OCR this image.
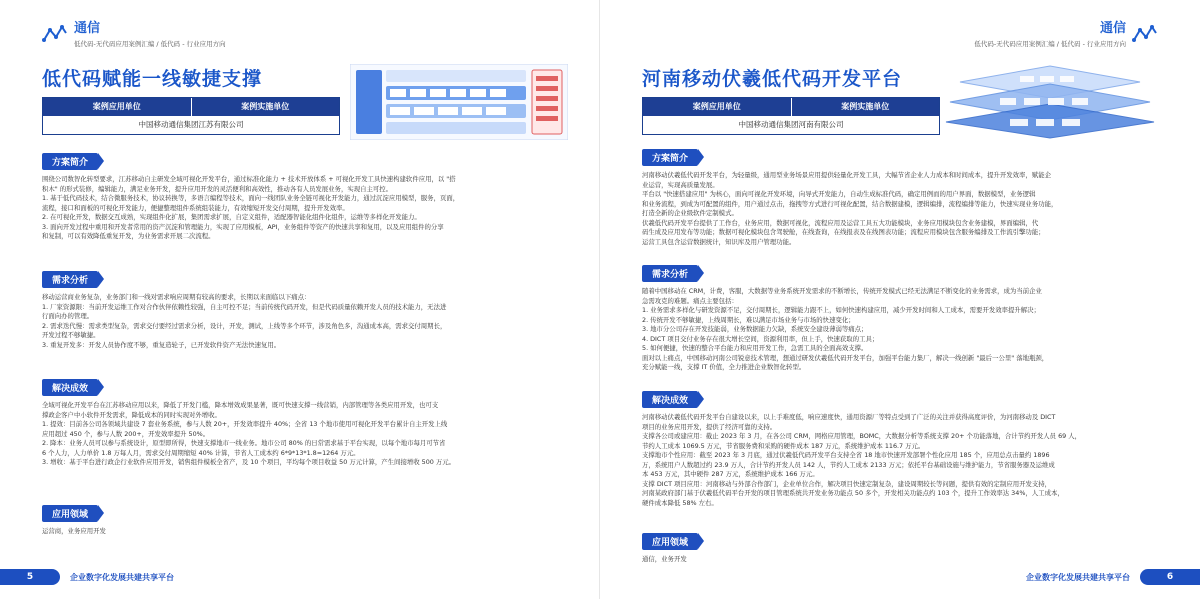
通信
低代码-无代码应用案例汇编 / 低代码 - 行业应用方向
低代码赋能一线敏捷支撑
案例应用单位	案例实施单位
中国移动通信集团江苏有限公司
方案简介
围绕公司数智化转型要求，江苏移动自主研发全域可视化开发平台，通过标准化能力 + 技术开放体系 + 可视化开发工具快速构建软件应用，以 "搭
积木" 的形式装修，编辑能力，满足业务开发，提升应用开发的灵活便利和高效性，推动各有人员发展业务，实现自主可控。
1. 基于低代码技术，结合微服务技术，协议转换等，多语言编程等技术，面向一线团队业务全链可视化开发能力，通过沉淀应用模型，服务，页面，
流程，接口和面板的可视化开发能力，便捷整理组件系统组装能力，有效缩短开发交付周期，提升开发效率。
2. 在可视化开发，数据交互成熟，实现组件化扩展，集团需求扩展，自定义组件，适配器智能化组件化组件，运维等多样化开发能力。
3. 面向开发过程中重用和开发者常用的资产沉淀和管理能力，实现了应用模板，API，业务组件等资产的快速共享和复用，以及应用组件的分享
和复制，可以有效降低重复开发，为业务需求开展二次流程。
需求分析
移动运营商业务复杂，业务部门和一线对需求响应周期有较高的要求，长期以来面临以下痛点：
1. 厂家资源限：当前开发运维工作对合作伙伴依赖性较强，自主可控不足；当前传统代码开发，但是代码质量依赖开发人员的技术能力，无法进
行面向办的管理。
2. 需求迭代慢：需求类型复杂，需求交付要经过需求分析，设计，开发，测试，上线等多个环节，涉及角色多，沟通成本高，需求交付周期长，
开发过程不够敏捷。
3. 重复开发多：开发人员协作度不够，重复造轮子，已开发软件资产无法快速复用。
解决成效
全域可视化开发平台在江苏移动应用以来，降低了开发门槛，降本增效成果显著，既可快速支撑一线营销，内部管理等各类应用开发，也可支
撑政企客户中小软件开发需求，降低成本的同时实现对外增收。
1. 提效：目前各公司各领域共建设 7 套业务系统，参与人数 20+，开发效率提升 40%；全省 13 个地市使用可视化开发平台累计自主开发上线
应用超过 450 个，参与人数 200+，开发效率提升 50%。
2. 降本：业务人员可以参与系统设计，原型即所得，快速支撑地市一线业务。地市公司 80% 的日常需求基于平台实现，以每个地市每月可节省
6 个人力，人力单价 1.8 万每人月，需求交付周期缩短 40% 计算，节省人工成本约 6*9*13*1.8=1264 万元。
3. 增收：基于平台进行政企行业软件应用开发，销售组件模板全省产，及 10 个项目，平均每个项目收益 50 万元计算，产生间接增收 500 万元。
应用领域
运营商，业务应用开发
5	企业数字化发展共建共享平台
通信
低代码-无代码应用案例汇编 / 低代码 - 行业应用方向
河南移动伏羲低代码开发平台
案例应用单位	案例实施单位
中国移动通信集团河南有限公司
方案简介
河南移动伏羲低代码开发平台，为轻量级，通用型业务场景应用提供轻量化开发工具，大幅节省企业人力成本和时间成本，提升开发效率，赋能企
业运营，实现高质量发展。
平台以 "快速搭建应用" 为核心，面向可视化开发环境，向导式开发能力，自动生成标准代码，确定用例而的用户界面，数据模型，业务逻辑
和业务流程，到成为可配置的组件，用户通过点击，拖拽等方式进行可视化配置，结合数据建模，逻辑编排，流程编排等能力，快速实现业务功能，
打造全新的企业级软件定制模式。
伏羲低代码开发平台提供了工作台，业务应用，数据可视化，流程应用及运营工具五大功能模块，业务应用模块包含业务建模，界面编辑，代
码生成及应用发布等功能；数据可视化模块包含驾驶舱，在线查询，在线报表及在线图表功能；流程应用模块包含服务编排及工作流引擎功能；
运营工具包含运营数据统计，知识库及用户管理功能。
需求分析
随着中国移动在 CRM，计费，客服，大数据等业务系统开发需求的不断增长，传统开发模式已经无法满足不断变化的业务需求，成为当前企业
急需攻克的难题。痛点主要包括：
1. 业务需求多样化与研发资源不足，交付周期长，逻辑能力跟不上，如何快速构建应用，减少开发时间和人工成本，需要开发效率提升解决；
2. 传统开发不够敏捷，上线周期长，难以满足市场业务与市场的快速变化；
3. 地市分公司存在开发技能弱，业务数据能力欠缺，系统安全建设薄弱等痛点；
4. DICT 项目交付业务存在很大增长空间，资源利用率，但上手，快速获取的工具；
5. 如何便捷，快速的整合平台能力和应用开发工作，急需工具的全面高效支撑。
面对以上痛点，中国移动河南公司锐意技术管理，想通过研发伏羲低代码开发平台，加强平台能力集厂，解决一线创新 "最后一公里" 落地瓶颈，
充分赋能一线，支撑 IT 价值，全力推进企业数智化转型。
解决成效
河南移动伏羲低代码开发平台自建设以来，以上手难度低，响应速度快，通用资源厂等特点受到了广泛的关注并获得高度评价，为河南移动及 DICT
项目的业务应用开发，提供了经济可靠的支持。
支撑各公司或建应用：截止 2023 年 3 月，在各公司 CRM，网格应用管理，BOMC，大数据分析等系统支撑 20+ 个功能落地，合计节约开发人员 69 人，
节约人工成本 1069.5 万元，节省服务费和采购的硬件成本 187 万元，系统维护成本 116.7 万元。
支撑地市个性应用：截至 2023 年 3 月底，通过伏羲低代码开发平台支持全省 18 地市快速开发部署个性化应用 185 个，应用总点击量约 1896
万，系统用户人数超过约 23.9 万人，合计节约开发人员 142 人，节约人工成本 2133 万元；依托平台基础设施与维护能力，节省服务器及运维成
本 453 万元，其中硬件 287 万元，系统维护成本 166 万元。
支撑 DICT 项目应用：河南移动与外部合作部门，企业单位合作，解决项目快速定制复杂，建设周期较长等问题，提供有效的定制应用开发支持，
河南某政府部门基于伏羲低代码平台开发的项目管理系统共开发业务功能点 50 多个，开发相关功能点约 103 个，提升工作效率达 34%，人工成本，
硬件成本降低 58% 左右。
应用领域
通信，业务开发
6
企业数字化发展共建共享平台
